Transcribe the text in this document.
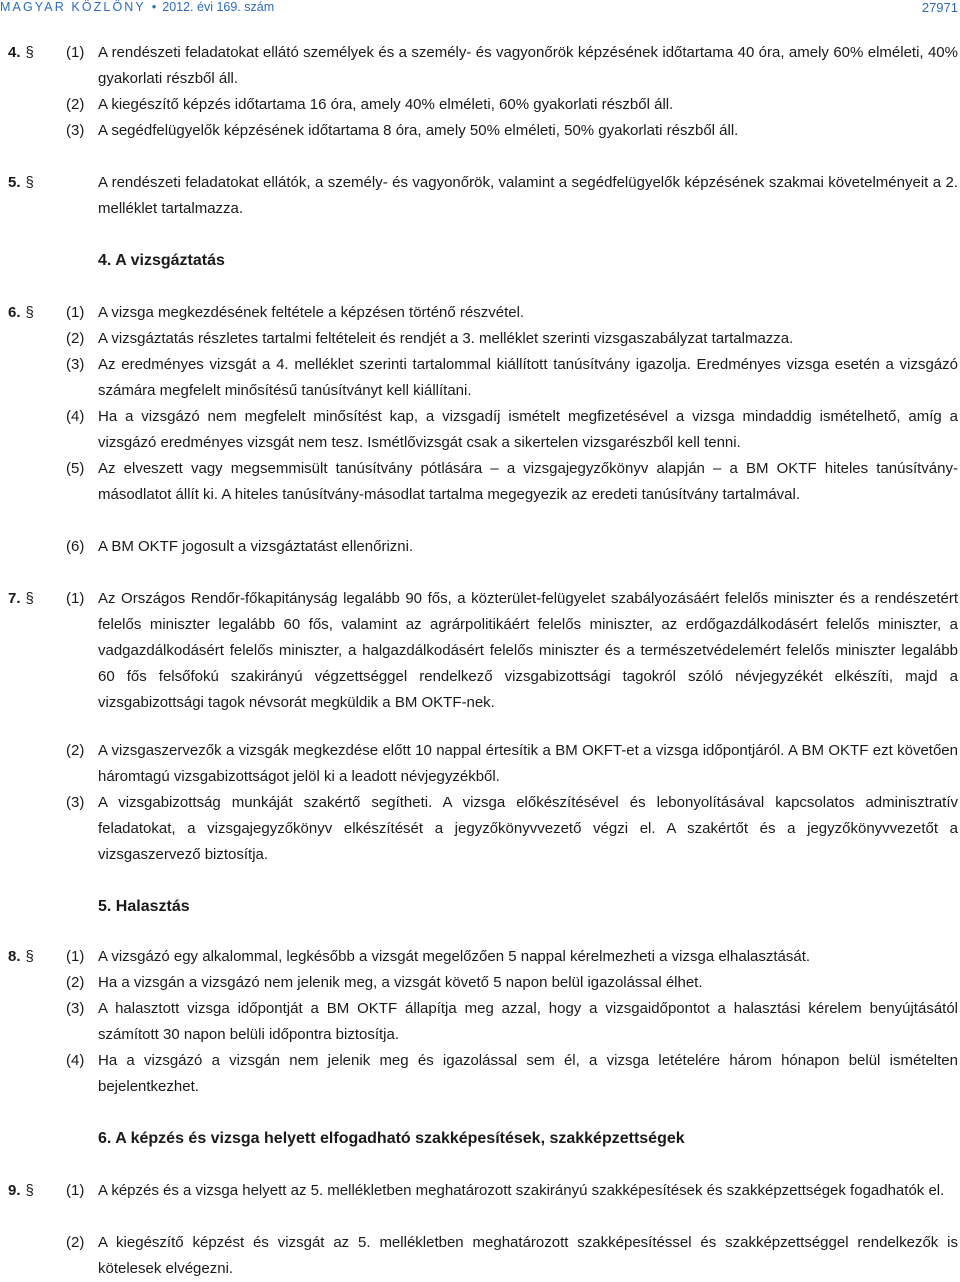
MAGYAR KÖZLÖNY • 2012. évi 169. szám	27971
4. § (1) A rendészeti feladatokat ellátó személyek és a személy- és vagyonőrök képzésének időtartama 40 óra, amely 60% elméleti, 40% gyakorlati részből áll.
(2) A kiegészítő képzés időtartama 16 óra, amely 40% elméleti, 60% gyakorlati részből áll.
(3) A segédfelügyelők képzésének időtartama 8 óra, amely 50% elméleti, 50% gyakorlati részből áll.
5. §	A rendészeti feladatokat ellátók, a személy- és vagyonőrök, valamint a segédfelügyelők képzésének szakmai követelményeit a 2. melléklet tartalmazza.
4. A vizsgáztatás
6. § (1) A vizsga megkezdésének feltétele a képzésen történő részvétel.
(2) A vizsgáztatás részletes tartalmi feltételeit és rendjét a 3. melléklet szerinti vizsgaszabályzat tartalmazza.
(3) Az eredményes vizsgát a 4. melléklet szerinti tartalommal kiállított tanúsítvány igazolja. Eredményes vizsga esetén a vizsgázó számára megfelelt minősítésű tanúsítványt kell kiállítani.
(4) Ha a vizsgázó nem megfelelt minősítést kap, a vizsgadíj ismételt megfizetésével a vizsga mindaddig ismételhető, amíg a vizsgázó eredményes vizsgát nem tesz. Ismétlővizsgát csak a sikertelen vizsgarészből kell tenni.
(5) Az elveszett vagy megsemmisült tanúsítvány pótlására – a vizsgajegyzőkönyv alapján – a BM OKTF hiteles tanúsítvány-másodlatot állít ki. A hiteles tanúsítvány-másodlat tartalma megegyezik az eredeti tanúsítvány tartalmával.
(6) A BM OKTF jogosult a vizsgáztatást ellenőrizni.
7. § (1) Az Országos Rendőr-főkapitányság legalább 90 fős, a közterület-felügyelet szabályozásáért felelős miniszter és a rendészetért felelős miniszter legalább 60 fős, valamint az agrárpolitikáért felelős miniszter, az erdőgazdálkodásért felelős miniszter, a vadgazdálkodásért felelős miniszter, a halgazdálkodásért felelős miniszter és a természetvédelemért felelős miniszter legalább 60 fős felsőfokú szakirányú végzettséggel rendelkező vizsgabizottsági tagokról szóló névjegyzékét elkészíti, majd a vizsgabizottsági tagok névsorát megküldik a BM OKTF-nek.
(2) A vizsgaszervezők a vizsgák megkezdése előtt 10 nappal értesítik a BM OKFT-et a vizsga időpontjáról. A BM OKTF ezt követően háromtagú vizsgabizottságot jelöl ki a leadott névjegyzékből.
(3) A vizsgabizottság munkáját szakértő segítheti. A vizsga előkészítésével és lebonyolításával kapcsolatos adminisztratív feladatokat, a vizsgajegyzőkönyv elkészítését a jegyzőkönyvvezető végzi el. A szakértőt és a jegyzőkönyvvezetőt a vizsgaszervező biztosítja.
5. Halasztás
8. § (1) A vizsgázó egy alkalommal, legkésőbb a vizsgát megelőzően 5 nappal kérelmezheti a vizsga elhalasztását.
(2) Ha a vizsgán a vizsgázó nem jelenik meg, a vizsgát követő 5 napon belül igazolással élhet.
(3) A halasztott vizsga időpontját a BM OKTF állapítja meg azzal, hogy a vizsgaidőpontot a halasztási kérelem benyújtásától számított 30 napon belüli időpontra biztosítja.
(4) Ha a vizsgázó a vizsgán nem jelenik meg és igazolással sem él, a vizsga letételére három hónapon belül ismételten bejelentkezhet.
6. A képzés és vizsga helyett elfogadható szakképesítések, szakképzettségek
9. § (1) A képzés és a vizsga helyett az 5. mellékletben meghatározott szakirányú szakképesítések és szakképzettségek fogadhatók el.
(2) A kiegészítő képzést és vizsgát az 5. mellékletben meghatározott szakképesítéssel és szakképzettséggel rendelkezők is kötelesek elvégezni.
